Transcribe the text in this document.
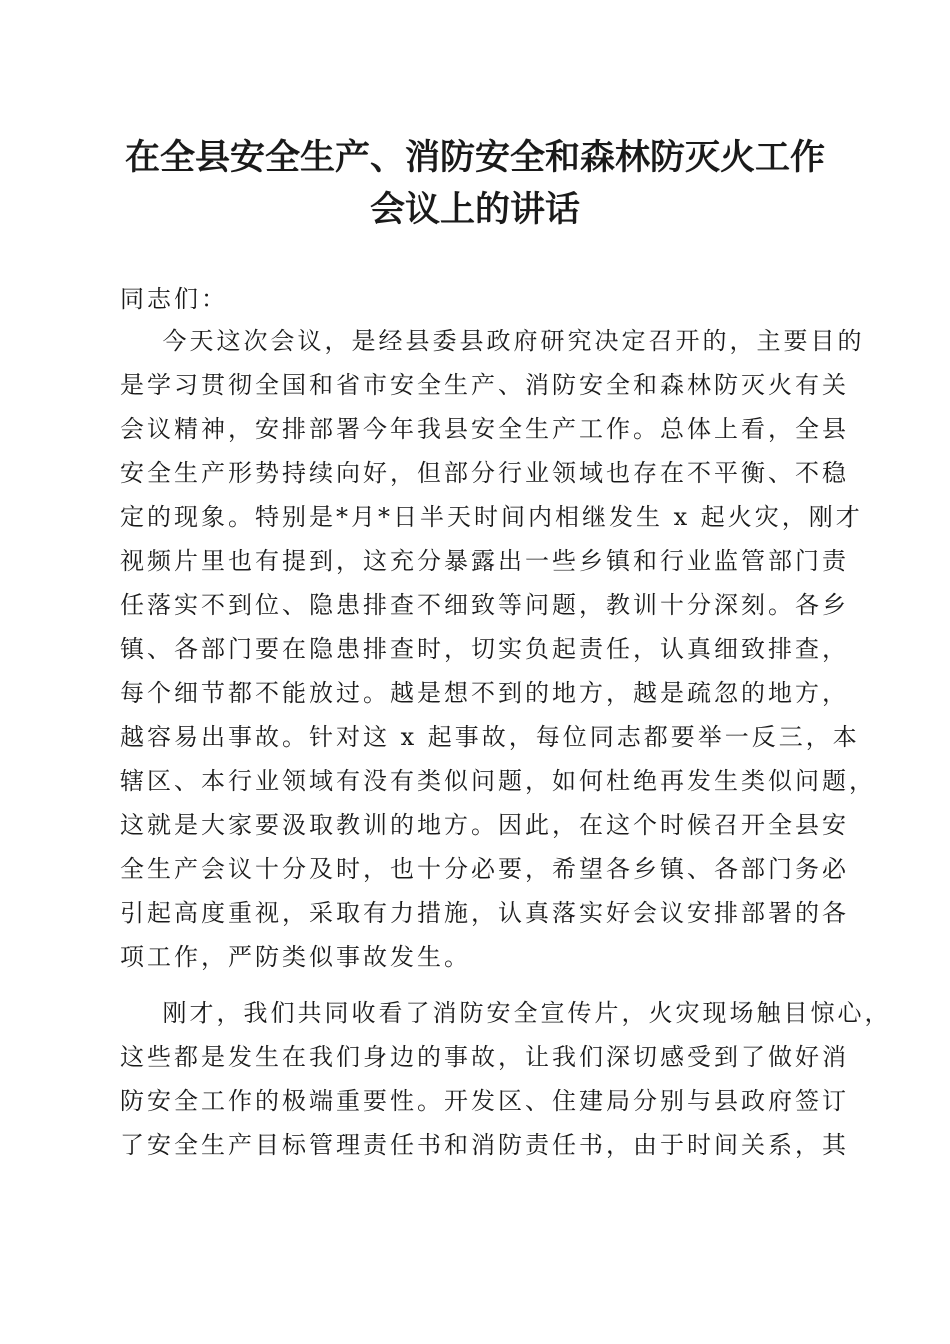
在全县安全生产、消防安全和森林防灭火工作
会议上的讲话
同志们：
今天这次会议，是经县委县政府研究决定召开的，主要目的
是学习贯彻全国和省市安全生产、消防安全和森林防灭火有关
会议精神，安排部署今年我县安全生产工作。总体上看，全县
安全生产形势持续向好，但部分行业领域也存在不平衡、不稳
定的现象。特别是*月*日半天时间内相继发生 x 起火灾，刚才
视频片里也有提到，这充分暴露出一些乡镇和行业监管部门责
任落实不到位、隐患排查不细致等问题，教训十分深刻。各乡
镇、各部门要在隐患排查时，切实负起责任，认真细致排查，
每个细节都不能放过。越是想不到的地方，越是疏忽的地方，
越容易出事故。针对这 x 起事故，每位同志都要举一反三，本
辖区、本行业领域有没有类似问题，如何杜绝再发生类似问题，
这就是大家要汲取教训的地方。因此，在这个时候召开全县安
全生产会议十分及时，也十分必要，希望各乡镇、各部门务必
引起高度重视，采取有力措施，认真落实好会议安排部署的各
项工作，严防类似事故发生。
刚才，我们共同收看了消防安全宣传片，火灾现场触目惊心，
这些都是发生在我们身边的事故，让我们深切感受到了做好消
防安全工作的极端重要性。开发区、住建局分别与县政府签订
了安全生产目标管理责任书和消防责任书，由于时间关系，其
